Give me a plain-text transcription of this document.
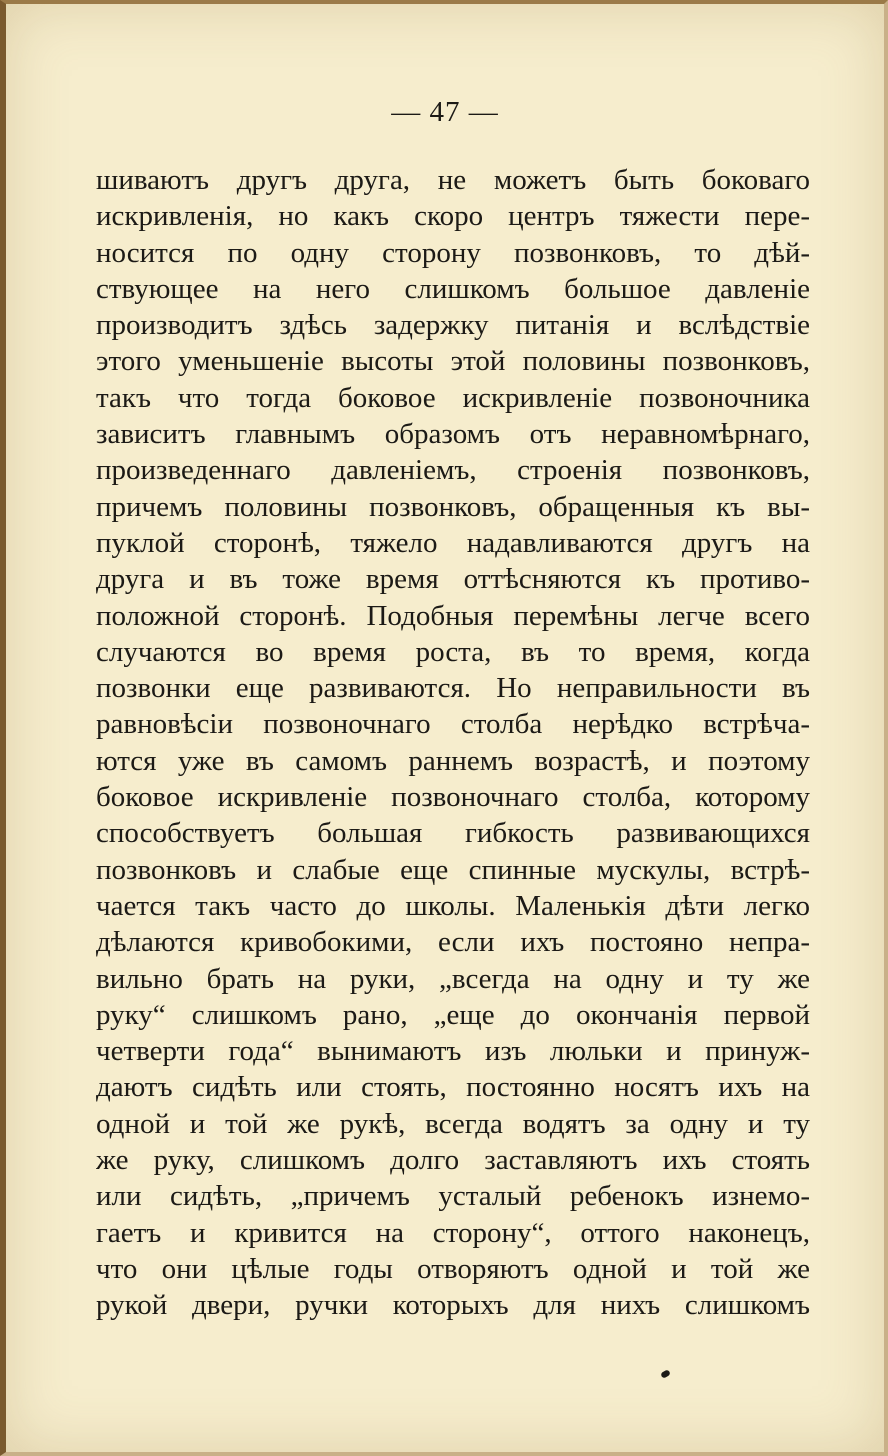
— 47 —
шиваютъ другъ друга, не можетъ быть боковаго
искривленія, но какъ скоро центръ тяжести пере-
носится по одну сторону позвонковъ, то дѣй-
ствующее на него слишкомъ большое давленіе
производитъ здѣсь задержку питанія и вслѣдствіе
этого уменьшеніе высоты этой половины позвонковъ,
такъ что тогда боковое искривленіе позвоночника
зависитъ главнымъ образомъ отъ неравномѣрнаго,
произведеннаго давленіемъ, строенія позвонковъ,
причемъ половины позвонковъ, обращенныя къ вы-
пуклой сторонѣ, тяжело надавливаются другъ на
друга и въ тоже время оттѣсняются къ противо-
положной сторонѣ. Подобныя перемѣны легче всего
случаются во время роста, въ то время, когда
позвонки еще развиваются. Но неправильности въ
равновѣсіи позвоночнаго столба нерѣдко встрѣча-
ются уже въ самомъ раннемъ возрастѣ, и поэтому
боковое искривленіе позвоночнаго столба, которому
способствуетъ большая гибкость развивающихся
позвонковъ и слабые еще спинные мускулы, встрѣ-
чается такъ часто до школы. Маленькія дѣти легко
дѣлаются кривобокими, если ихъ постояно непра-
вильно брать на руки, „всегда на одну и ту же
руку“ слишкомъ рано, „еще до окончанія первой
четверти года“ вынимаютъ изъ люльки и принуж-
даютъ сидѣть или стоять, постоянно носятъ ихъ на
одной и той же рукѣ, всегда водятъ за одну и ту
же руку, слишкомъ долго заставляютъ ихъ стоять
или сидѣть, „причемъ усталый ребенокъ изнемо-
гаетъ и кривится на сторону“, оттого наконецъ,
что они цѣлые годы отворяютъ одной и той же
рукой двери, ручки которыхъ для нихъ слишкомъ
